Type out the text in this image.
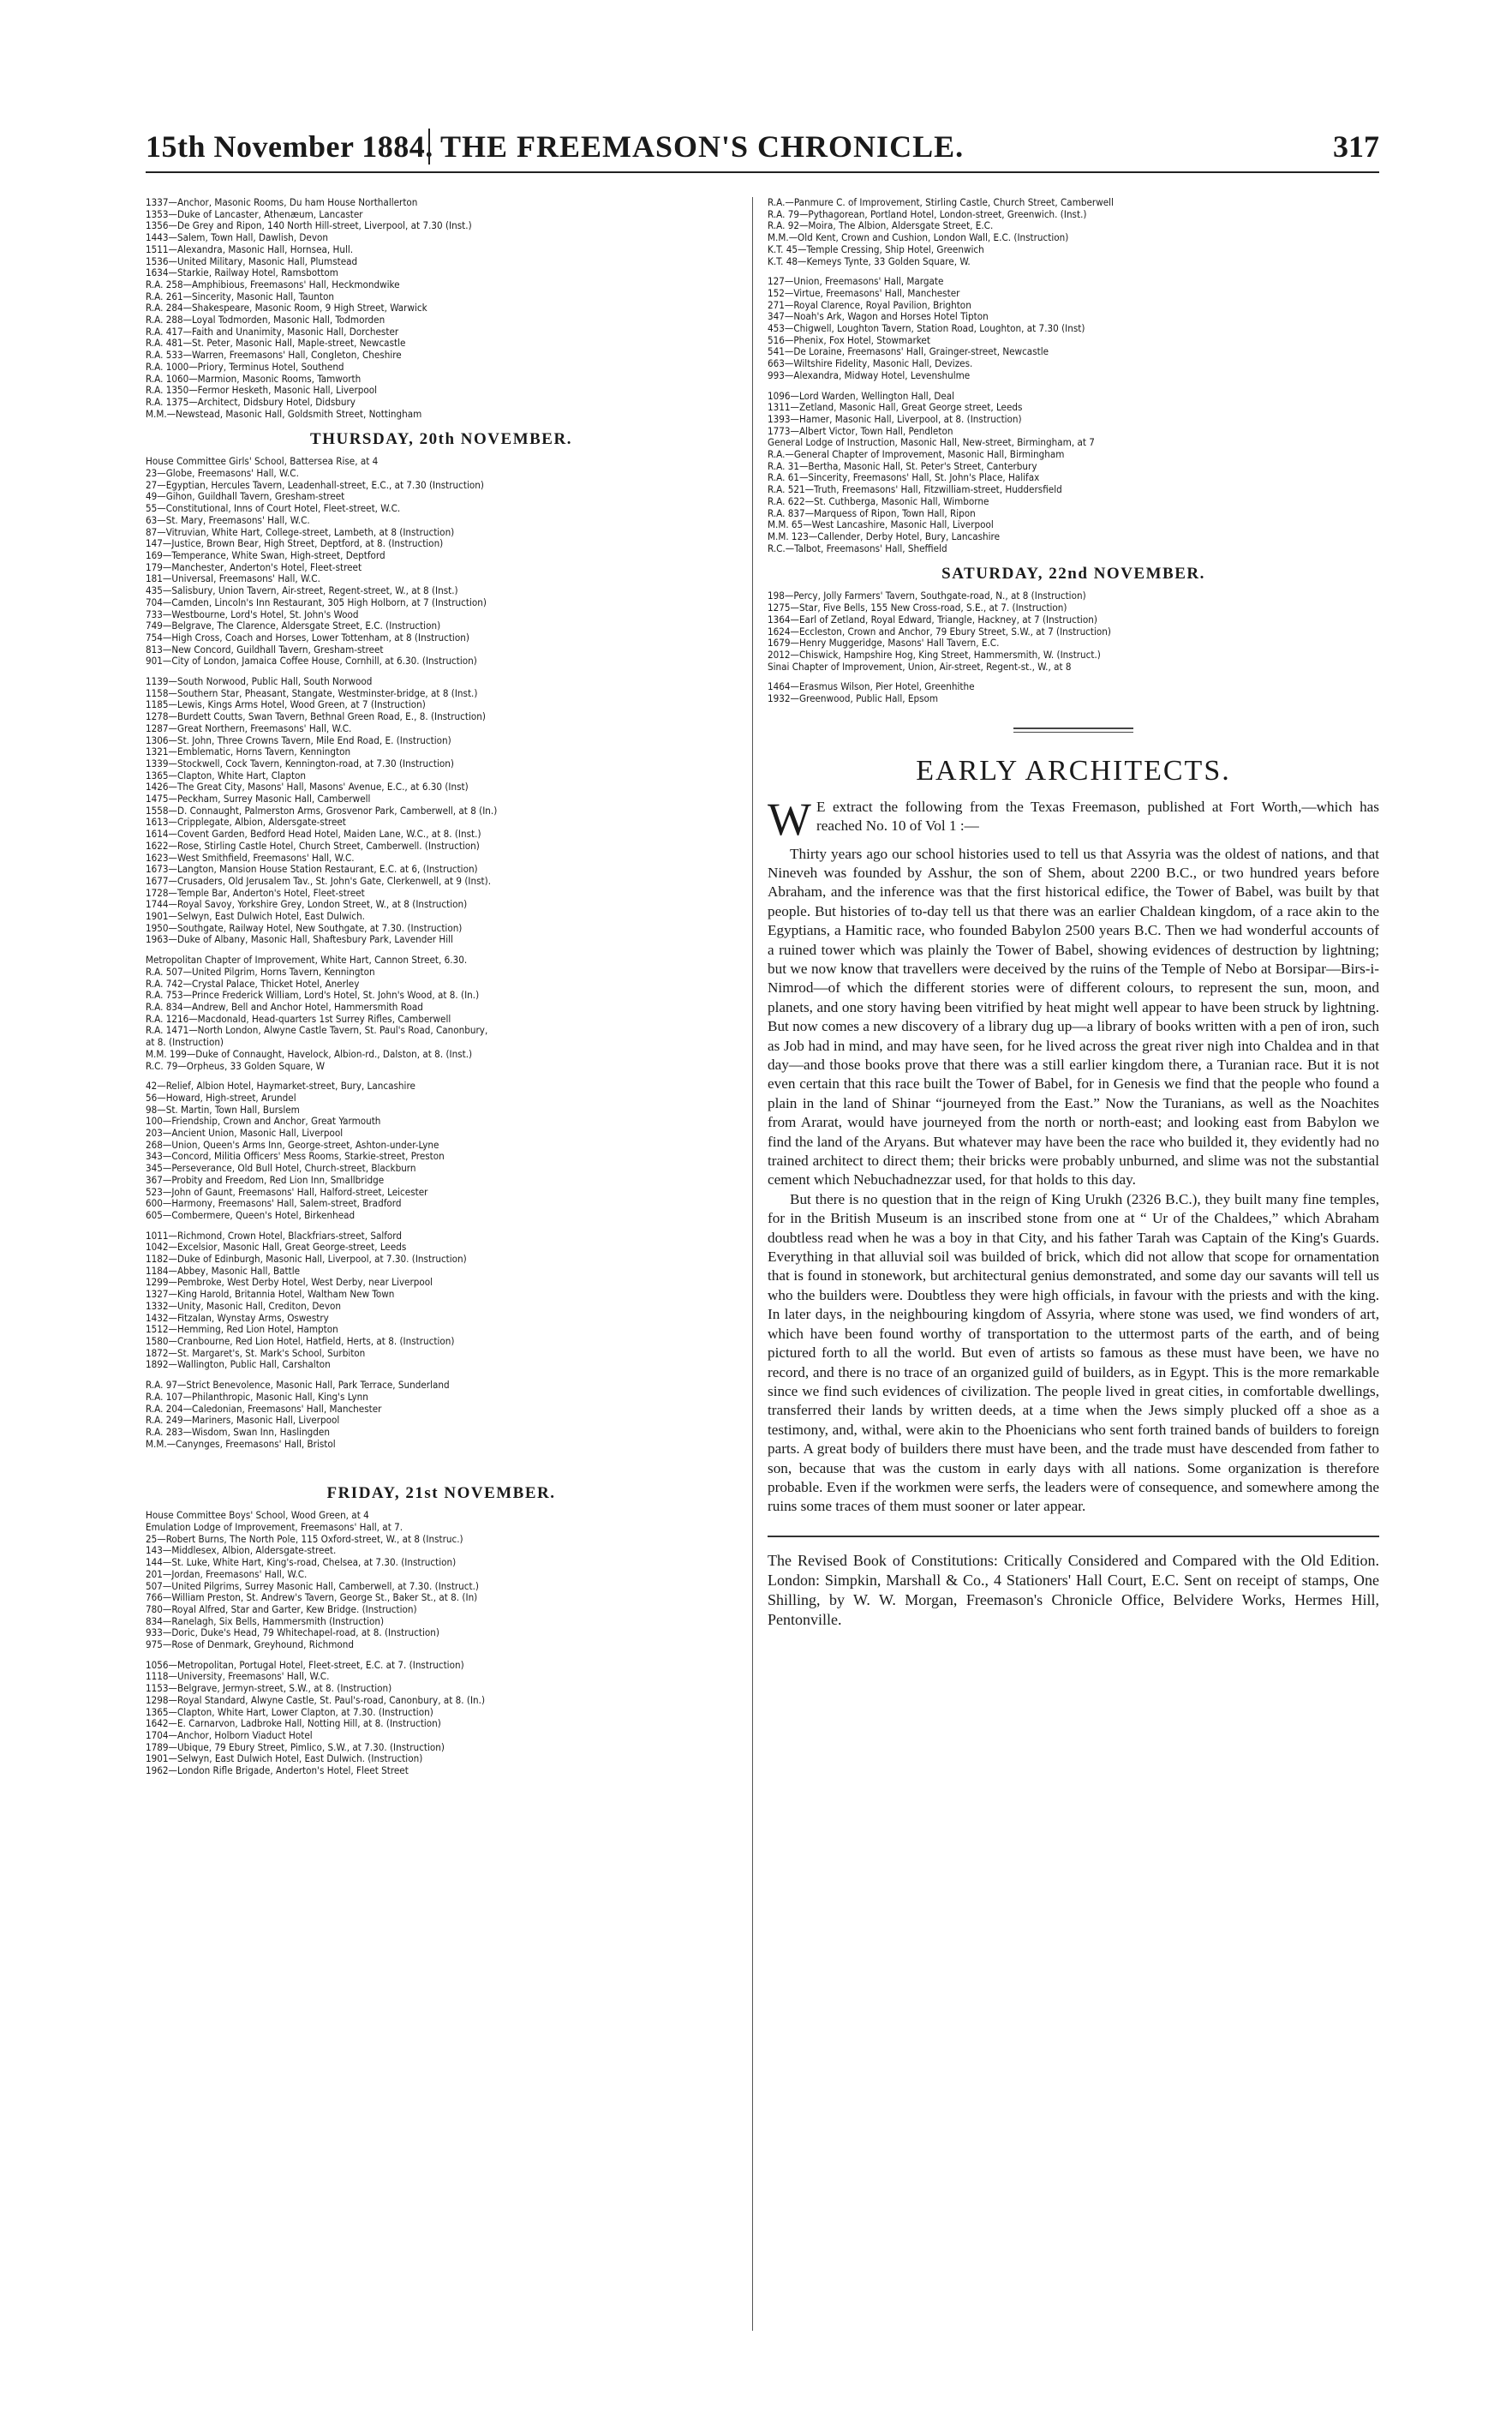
15th November 1884. THE FREEMASON'S CHRONICLE.	317
1337—Anchor, Masonic Rooms, Du ham House Northallerton
1353—Duke of Lancaster, Athenæum, Lancaster
1356—De Grey and Ripon, 140 North Hill-street, Liverpool, at 7.30 (Inst.)
1443—Salem, Town Hall, Dawlish, Devon
1511—Alexandra, Masonic Hall, Hornsea, Hull.
1536—United Military, Masonic Hall, Plumstead
1634—Starkie, Railway Hotel, Ramsbottom
R.A. 258—Amphibious, Freemasons' Hall, Heckmondwike
R.A. 261—Sincerity, Masonic Hall, Taunton
R.A. 284—Shakespeare, Masonic Room, 9 High Street, Warwick
R.A. 288—Loyal Todmorden, Masonic Hall, Todmorden
R.A. 417—Faith and Unanimity, Masonic Hall, Dorchester
R.A. 481—St. Peter, Masonic Hall, Maple-street, Newcastle
R.A. 533—Warren, Freemasons' Hall, Congleton, Cheshire
R.A. 1000—Priory, Terminus Hotel, Southend
R.A. 1060—Marmion, Masonic Rooms, Tamworth
R.A. 1350—Fermor Hesketh, Masonic Hall, Liverpool
R.A. 1375—Architect, Didsbury Hotel, Didsbury
M.M.—Newstead, Masonic Hall, Goldsmith Street, Nottingham
THURSDAY, 20th NOVEMBER.
House Committee Girls' School, Battersea Rise, at 4
23—Globe, Freemasons' Hall, W.C.
27—Egyptian, Hercules Tavern, Leadenhall-street, E.C., at 7.30 (Instruction)
49—Gihon, Guildhall Tavern, Gresham-street
55—Constitutional, Inns of Court Hotel, Fleet-street, W.C.
63—St. Mary, Freemasons' Hall, W.C.
87—Vitruvian, White Hart, College-street, Lambeth, at 8 (Instruction)
147—Justice, Brown Bear, High Street, Deptford, at 8. (Instruction)
169—Temperance, White Swan, High-street, Deptford
179—Manchester, Anderton's Hotel, Fleet-street
181—Universal, Freemasons' Hall, W.C.
435—Salisbury, Union Tavern, Air-street, Regent-street, W., at 8 (Inst.)
704—Camden, Lincoln's Inn Restaurant, 305 High Holborn, at 7 (Instruction)
733—Westbourne, Lord's Hotel, St. John's Wood
749—Belgrave, The Clarence, Aldersgate Street, E.C. (Instruction)
754—High Cross, Coach and Horses, Lower Tottenham, at 8 (Instruction)
813—New Concord, Guildhall Tavern, Gresham-street
901—City of London, Jamaica Coffee House, Cornhill, at 6.30. (Instruction)
1139—South Norwood, Public Hall, South Norwood
1158—Southern Star, Pheasant, Stangate, Westminster-bridge, at 8 (Inst.)
1185—Lewis, Kings Arms Hotel, Wood Green, at 7 (Instruction)
1278—Burdett Coutts, Swan Tavern, Bethnal Green Road, E., 8. (Instruction)
1287—Great Northern, Freemasons' Hall, W.C.
1306—St. John, Three Crowns Tavern, Mile End Road, E. (Instruction)
1321—Emblematic, Horns Tavern, Kennington
1339—Stockwell, Cock Tavern, Kennington-road, at 7.30 (Instruction)
1365—Clapton, White Hart, Clapton
1426—The Great City, Masons' Hall, Masons' Avenue, E.C., at 6.30 (Inst)
1475—Peckham, Surrey Masonic Hall, Camberwell
1558—D. Connaught, Palmerston Arms, Grosvenor Park, Camberwell, at 8 (In.)
1613—Cripplegate, Albion, Aldersgate-street
1614—Covent Garden, Bedford Head Hotel, Maiden Lane, W.C., at 8. (Inst.)
1622—Rose, Stirling Castle Hotel, Church Street, Camberwell. (Instruction)
1623—West Smithfield, Freemasons' Hall, W.C.
1673—Langton, Mansion House Station Restaurant, E.C. at 6, (Instruction)
1677—Crusaders, Old Jerusalem Tav., St. John's Gate, Clerkenwell, at 9 (Inst).
1728—Temple Bar, Anderton's Hotel, Fleet-street
1744—Royal Savoy, Yorkshire Grey, London Street, W., at 8 (Instruction)
1901—Selwyn, East Dulwich Hotel, East Dulwich.
1950—Southgate, Railway Hotel, New Southgate, at 7.30. (Instruction)
1963—Duke of Albany, Masonic Hall, Shaftesbury Park, Lavender Hill
Metropolitan Chapter of Improvement, White Hart, Cannon Street, 6.30.
R.A. 507—United Pilgrim, Horns Tavern, Kennington
R.A. 742—Crystal Palace, Thicket Hotel, Anerley
R.A. 753—Prince Frederick William, Lord's Hotel, St. John's Wood, at 8. (In.)
R.A. 834—Andrew, Bell and Anchor Hotel, Hammersmith Road
R.A. 1216—Macdonald, Head-quarters 1st Surrey Rifles, Camberwell
R.A. 1471—North London, Alwyne Castle Tavern, St. Paul's Road, Canonbury,
at 8. (Instruction)
M.M. 199—Duke of Connaught, Havelock, Albion-rd., Dalston, at 8. (Inst.)
R.C. 79—Orpheus, 33 Golden Square, W
42—Relief, Albion Hotel, Haymarket-street, Bury, Lancashire
56—Howard, High-street, Arundel
98—St. Martin, Town Hall, Burslem
100—Friendship, Crown and Anchor, Great Yarmouth
203—Ancient Union, Masonic Hall, Liverpool
268—Union, Queen's Arms Inn, George-street, Ashton-under-Lyne
343—Concord, Militia Officers' Mess Rooms, Starkie-street, Preston
345—Perseverance, Old Bull Hotel, Church-street, Blackburn
367—Probity and Freedom, Red Lion Inn, Smallbridge
523—John of Gaunt, Freemasons' Hall, Halford-street, Leicester
600—Harmony, Freemasons' Hall, Salem-street, Bradford
605—Combermere, Queen's Hotel, Birkenhead
1011—Richmond, Crown Hotel, Blackfriars-street, Salford
1042—Excelsior, Masonic Hall, Great George-street, Leeds
1182—Duke of Edinburgh, Masonic Hall, Liverpool, at 7.30. (Instruction)
1184—Abbey, Masonic Hall, Battle
1299—Pembroke, West Derby Hotel, West Derby, near Liverpool
1327—King Harold, Britannia Hotel, Waltham New Town
1332—Unity, Masonic Hall, Crediton, Devon
1432—Fitzalan, Wynstay Arms, Oswestry
1512—Hemming, Red Lion Hotel, Hampton
1580—Cranbourne, Red Lion Hotel, Hatfield, Herts, at 8. (Instruction)
1872—St. Margaret's, St. Mark's School, Surbiton
1892—Wallington, Public Hall, Carshalton
R.A. 97—Strict Benevolence, Masonic Hall, Park Terrace, Sunderland
R.A. 107—Philanthropic, Masonic Hall, King's Lynn
R.A. 204—Caledonian, Freemasons' Hall, Manchester
R.A. 249—Mariners, Masonic Hall, Liverpool
R.A. 283—Wisdom, Swan Inn, Haslingden
M.M.—Canynges, Freemasons' Hall, Bristol
FRIDAY, 21st NOVEMBER.
House Committee Boys' School, Wood Green, at 4
Emulation Lodge of Improvement, Freemasons' Hall, at 7.
25—Robert Burns, The North Pole, 115 Oxford-street, W., at 8 (Instruc.)
143—Middlesex, Albion, Aldersgate-street.
144—St. Luke, White Hart, King's-road, Chelsea, at 7.30. (Instruction)
201—Jordan, Freemasons' Hall, W.C.
507—United Pilgrims, Surrey Masonic Hall, Camberwell, at 7.30. (Instruct.)
766—William Preston, St. Andrew's Tavern, George St., Baker St., at 8. (In)
780—Royal Alfred, Star and Garter, Kew Bridge. (Instruction)
834—Ranelagh, Six Bells, Hammersmith (Instruction)
933—Doric, Duke's Head, 79 Whitechapel-road, at 8. (Instruction)
975—Rose of Denmark, Greyhound, Richmond
1056—Metropolitan, Portugal Hotel, Fleet-street, E.C. at 7. (Instruction)
1118—University, Freemasons' Hall, W.C.
1153—Belgrave, Jermyn-street, S.W., at 8. (Instruction)
1298—Royal Standard, Alwyne Castle, St. Paul's-road, Canonbury, at 8. (In.)
1365—Clapton, White Hart, Lower Clapton, at 7.30. (Instruction)
1642—E. Carnarvon, Ladbroke Hall, Notting Hill, at 8. (Instruction)
1704—Anchor, Holborn Viaduct Hotel
1789—Ubique, 79 Ebury Street, Pimlico, S.W., at 7.30. (Instruction)
1901—Selwyn, East Dulwich Hotel, East Dulwich. (Instruction)
1962—London Rifle Brigade, Anderton's Hotel, Fleet Street
R.A.—Panmure C. of Improvement, Stirling Castle, Church Street, Camberwell
R.A. 79—Pythagorean, Portland Hotel, London-street, Greenwich. (Inst.)
R.A. 92—Moira, The Albion, Aldersgate Street, E.C.
M.M.—Old Kent, Crown and Cushion, London Wall, E.C. (Instruction)
K.T. 45—Temple Cressing, Ship Hotel, Greenwich
K.T. 48—Kemeys Tynte, 33 Golden Square, W.
127—Union, Freemasons' Hall, Margate
152—Virtue, Freemasons' Hall, Manchester
271—Royal Clarence, Royal Pavilion, Brighton
347—Noah's Ark, Wagon and Horses Hotel Tipton
453—Chigwell, Loughton Tavern, Station Road, Loughton, at 7.30 (Inst)
516—Phenix, Fox Hotel, Stowmarket
541—De Loraine, Freemasons' Hall, Grainger-street, Newcastle
663—Wiltshire Fidelity, Masonic Hall, Devizes.
993—Alexandra, Midway Hotel, Levenshulme
1096—Lord Warden, Wellington Hall, Deal
1311—Zetland, Masonic Hall, Great George street, Leeds
1393—Hamer, Masonic Hall, Liverpool, at 8. (Instruction)
1773—Albert Victor, Town Hall, Pendleton
General Lodge of Instruction, Masonic Hall, New-street, Birmingham, at 7
R.A.—General Chapter of Improvement, Masonic Hall, Birmingham
R.A. 31—Bertha, Masonic Hall, St. Peter's Street, Canterbury
R.A. 61—Sincerity, Freemasons' Hall, St. John's Place, Halifax
R.A. 521—Truth, Freemasons' Hall, Fitzwilliam-street, Huddersfield
R.A. 622—St. Cuthberga, Masonic Hall, Wimborne
R.A. 837—Marquess of Ripon, Town Hall, Ripon
M.M. 65—West Lancashire, Masonic Hall, Liverpool
M.M. 123—Callender, Derby Hotel, Bury, Lancashire
R.C.—Talbot, Freemasons' Hall, Sheffield
SATURDAY, 22nd NOVEMBER.
198—Percy, Jolly Farmers' Tavern, Southgate-road, N., at 8 (Instruction)
1275—Star, Five Bells, 155 New Cross-road, S.E., at 7. (Instruction)
1364—Earl of Zetland, Royal Edward, Triangle, Hackney, at 7 (Instruction)
1624—Eccleston, Crown and Anchor, 79 Ebury Street, S.W., at 7 (Instruction)
1679—Henry Muggeridge, Masons' Hall Tavern, E.C.
2012—Chiswick, Hampshire Hog, King Street, Hammersmith, W. (Instruct.)
Sinai Chapter of Improvement, Union, Air-street, Regent-st., W., at 8
1464—Erasmus Wilson, Pier Hotel, Greenhithe
1932—Greenwood, Public Hall, Epsom
EARLY ARCHITECTS.

W E extract the following from the Texas Freemason, published at Fort Worth,—which has reached No. 10 of Vol 1 :—

Thirty years ago our school histories used to tell us that Assyria was the oldest of nations, and that Nineveh was founded by Asshur, the son of Shem, about 2200 B.C., or two hundred years before Abraham, and the inference was that the first historical edifice, the Tower of Babel, was built by that people. But histories of to-day tell us that there was an earlier Chaldean kingdom, of a race akin to the Egyptians, a Hamitic race, who founded Babylon 2500 years B.C. Then we had wonderful accounts of a ruined tower which was plainly the Tower of Babel, showing evidences of destruction by lightning; but we now know that travellers were deceived by the ruins of the Temple of Nebo at Borsipar—Birs-i-Nimrod—of which the different stories were of different colours, to represent the sun, moon, and planets, and one story having been vitrified by heat might well appear to have been struck by lightning. But now comes a new discovery of a library dug up—a library of books written with a pen of iron, such as Job had in mind, and may have seen, for he lived across the great river nigh into Chaldea and in that day—and those books prove that there was a still earlier kingdom there, a Turanian race. But it is not even certain that this race built the Tower of Babel, for in Genesis we find that the people who found a plain in the land of Shinar “journeyed from the East.” Now the Turanians, as well as the Noachites from Ararat, would have journeyed from the north or north-east; and looking east from Babylon we find the land of the Aryans. But whatever may have been the race who builded it, they evidently had no trained architect to direct them; their bricks were probably unburned, and slime was not the substantial cement which Nebuchadnezzar used, for that holds to this day.

But there is no question that in the reign of King Urukh (2326 B.C.), they built many fine temples, for in the British Museum is an inscribed stone from one at “ Ur of the Chaldees,” which Abraham doubtless read when he was a boy in that City, and his father Tarah was Captain of the King's Guards. Everything in that alluvial soil was builded of brick, which did not allow that scope for ornamentation that is found in stonework, but architectural genius demonstrated, and some day our savants will tell us who the builders were. Doubtless they were high officials, in favour with the priests and with the king. In later days, in the neighbouring kingdom of Assyria, where stone was used, we find wonders of art, which have been found worthy of transportation to the uttermost parts of the earth, and of being pictured forth to all the world. But even of artists so famous as these must have been, we have no record, and there is no trace of an organized guild of builders, as in Egypt. This is the more remarkable since we find such evidences of civilization. The people lived in great cities, in comfortable dwellings, transferred their lands by written deeds, at a time when the Jews simply plucked off a shoe as a testimony, and, withal, were akin to the Phoenicians who sent forth trained bands of builders to foreign parts. A great body of builders there must have been, and the trade must have descended from father to son, because that was the custom in early days with all nations. Some organization is therefore probable. Even if the workmen were serfs, the leaders were of consequence, and somewhere among the ruins some traces of them must sooner or later appear.

The Revised Book of Constitutions: Critically Considered and Compared with the Old Edition. London: Simpkin, Marshall & Co., 4 Stationers' Hall Court, E.C. Sent on receipt of stamps, One Shilling, by W. W. Morgan, Freemason's Chronicle Office, Belvidere Works, Hermes Hill, Pentonville.
